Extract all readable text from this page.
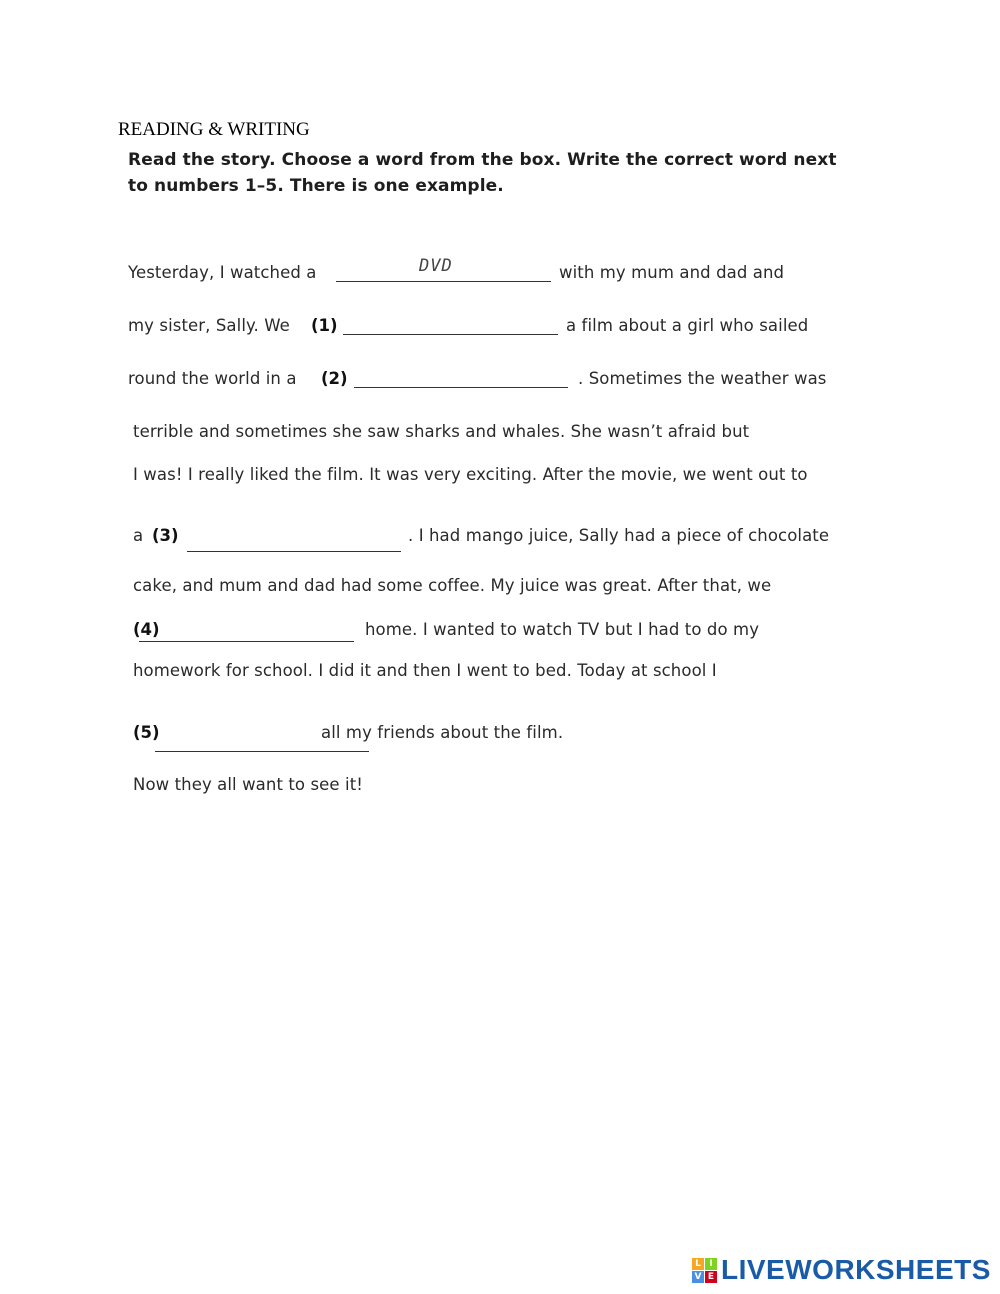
READING & WRITING
Read the story. Choose a word from the box. Write the correct word next
to numbers 1–5. There is one example.
Yesterday, I watched a	DVD	with my mum and dad and
my sister, Sally. We (1)	a film about a girl who sailed
round the world in a (2)	. Sometimes the weather was
terrible and sometimes she saw sharks and whales. She wasn’t afraid but
I was! I really liked the film. It was very exciting. After the movie, we went out to
a (3)	. I had mango juice, Sally had a piece of chocolate
cake, and mum and dad had some coffee. My juice was great. After that, we
(4)	home. I wanted to watch TV but I had to do my
homework for school. I did it and then I went to bed. Today at school I
(5)	all my friends about the film.
Now they all want to see it!
L I
V E LIVEWORKSHEETS
